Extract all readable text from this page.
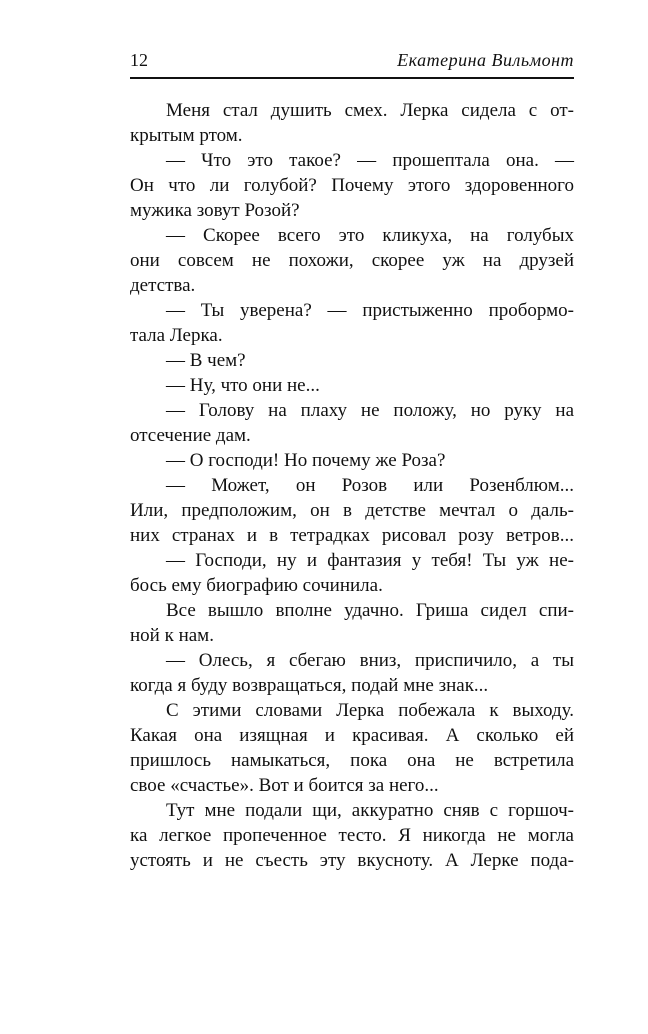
12	Екатерина Вильмонт
Меня стал душить смех. Лерка сидела с от-
крытым ртом.
— Что это такое? — прошептала она. —
Он что ли голубой? Почему этого здоровенного
мужика зовут Розой?
— Скорее всего это кликуха, на голубых
они совсем не похожи, скорее уж на друзей
детства.
— Ты уверена? — пристыженно пробормо-
тала Лерка.
— В чем?
— Ну, что они не...
— Голову на плаху не положу, но руку на
отсечение дам.
— О господи! Но почему же Роза?
— Может, он Розов или Розенблюм...
Или, предположим, он в детстве мечтал о даль-
них странах и в тетрадках рисовал розу ветров...
— Господи, ну и фантазия у тебя! Ты уж не-
бось ему биографию сочинила.
Все вышло вполне удачно. Гриша сидел спи-
ной к нам.
— Олесь, я сбегаю вниз, приспичило, а ты
когда я буду возвращаться, подай мне знак...
С этими словами Лерка побежала к выходу.
Какая она изящная и красивая. А сколько ей
пришлось намыкаться, пока она не встретила
свое «счастье». Вот и боится за него...
Тут мне подали щи, аккуратно сняв с горшоч-
ка легкое пропеченное тесто. Я никогда не могла
устоять и не съесть эту вкусноту. А Лерке пода-
